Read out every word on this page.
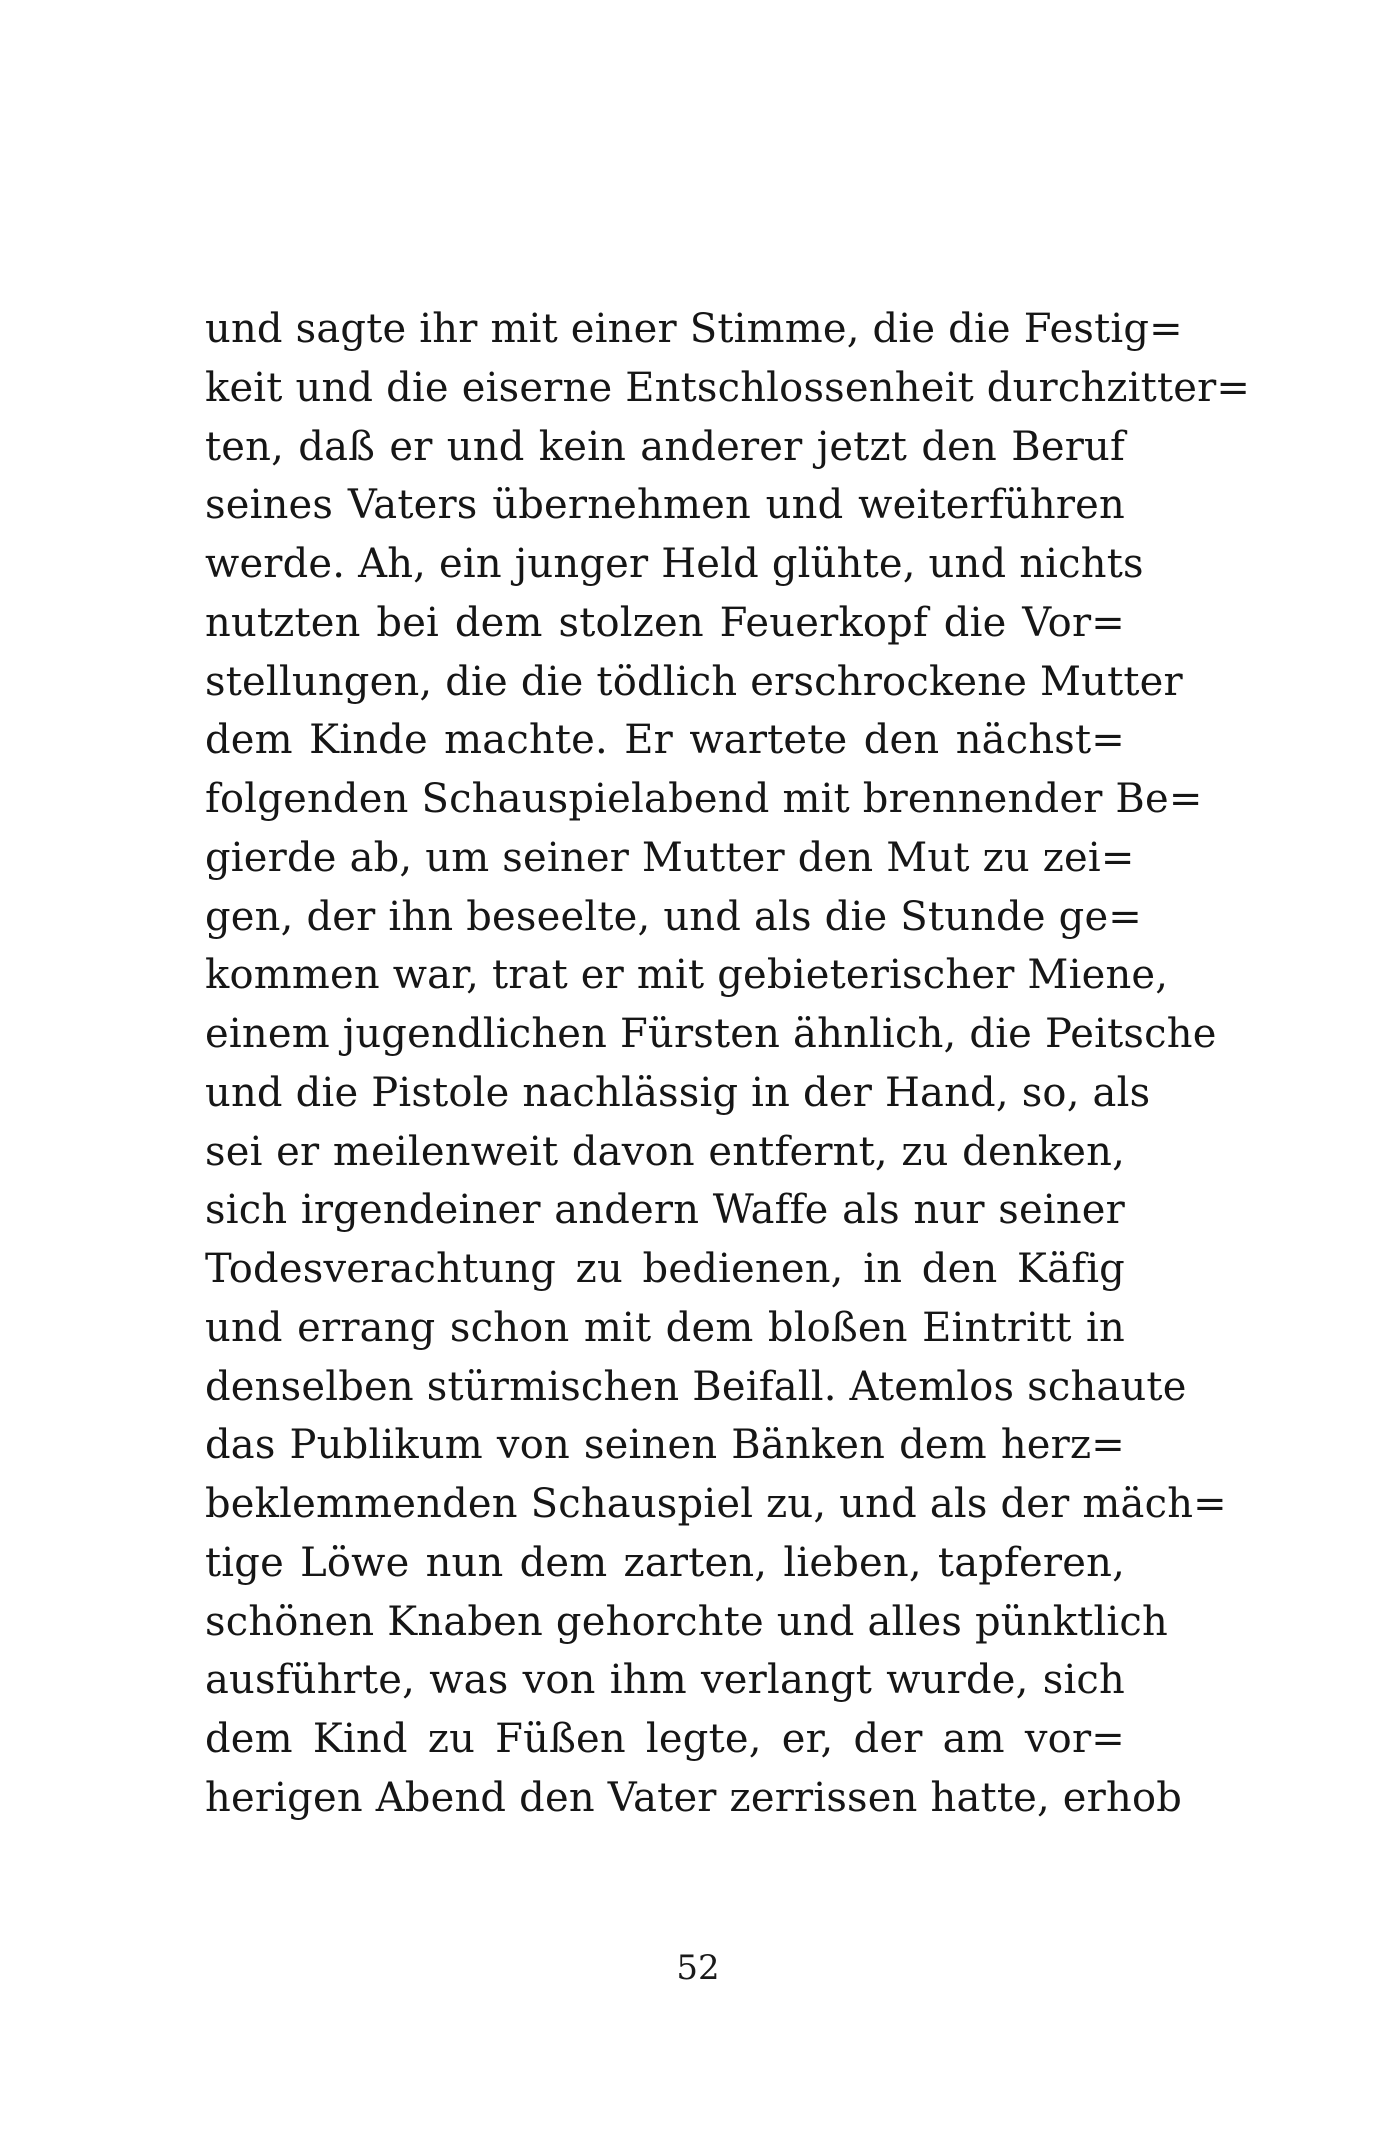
und sagte ihr mit einer Stimme, die die Festig=
keit und die eiserne Entschlossenheit durchzitter=
ten, daß er und kein anderer jetzt den Beruf
seines Vaters übernehmen und weiterführen
werde. Ah, ein junger Held glühte, und nichts
nutzten bei dem stolzen Feuerkopf die Vor=
stellungen, die die tödlich erschrockene Mutter
dem Kinde machte. Er wartete den nächst=
folgenden Schauspielabend mit brennender Be=
gierde ab, um seiner Mutter den Mut zu zei=
gen, der ihn beseelte, und als die Stunde ge=
kommen war, trat er mit gebieterischer Miene,
einem jugendlichen Fürsten ähnlich, die Peitsche
und die Pistole nachlässig in der Hand, so, als
sei er meilenweit davon entfernt, zu denken,
sich irgendeiner andern Waffe als nur seiner
Todesverachtung zu bedienen, in den Käfig
und errang schon mit dem bloßen Eintritt in
denselben stürmischen Beifall. Atemlos schaute
das Publikum von seinen Bänken dem herz=
beklemmenden Schauspiel zu, und als der mäch=
tige Löwe nun dem zarten, lieben, tapferen,
schönen Knaben gehorchte und alles pünktlich
ausführte, was von ihm verlangt wurde, sich
dem Kind zu Füßen legte, er, der am vor=
herigen Abend den Vater zerrissen hatte, erhob
52
